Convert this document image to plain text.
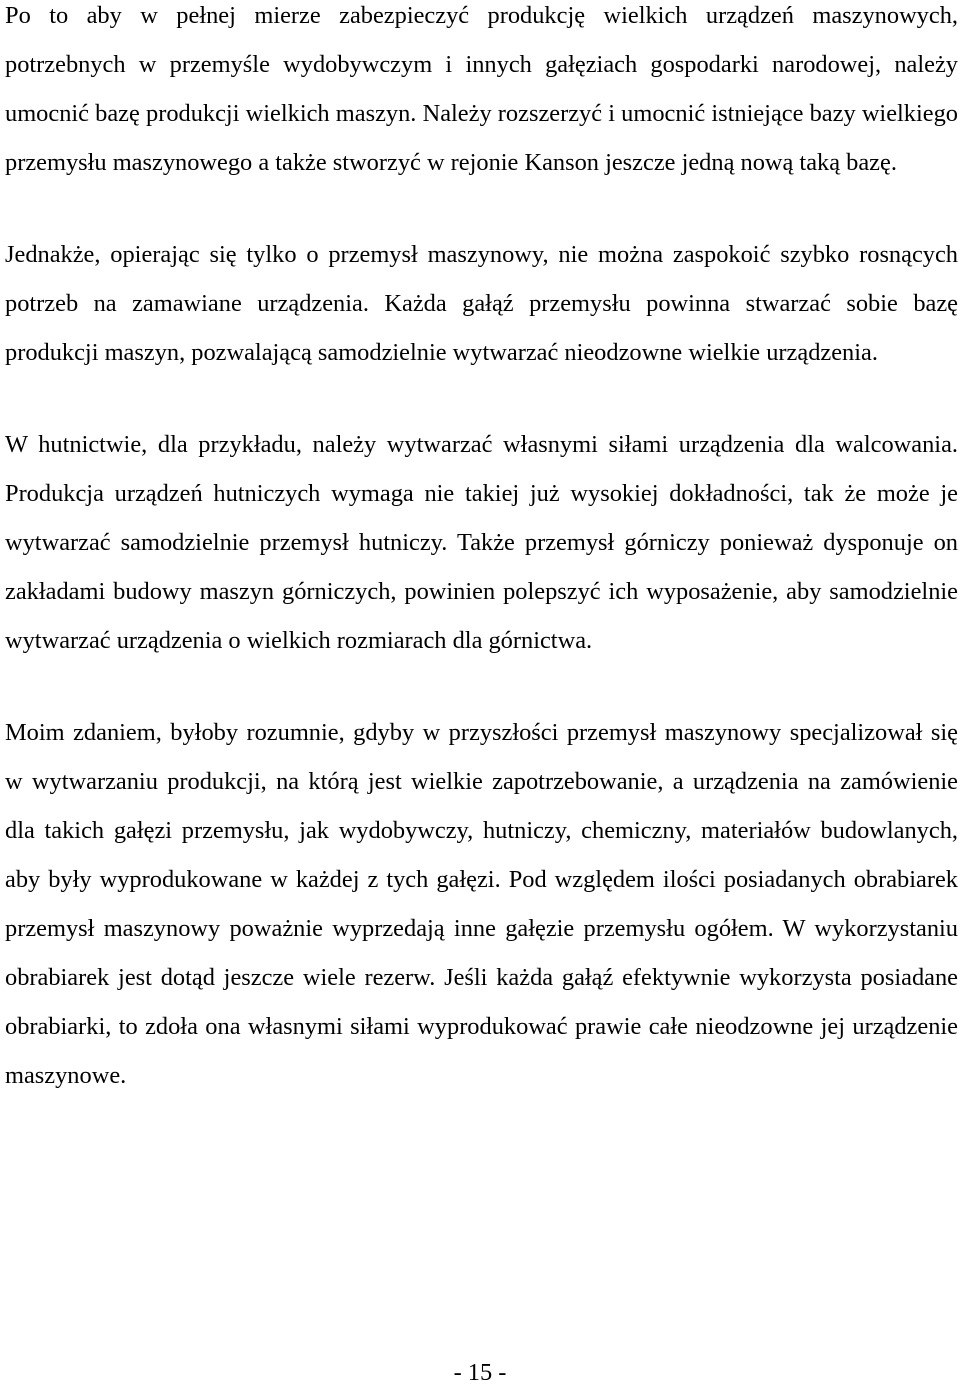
Po to aby w pełnej mierze zabezpieczyć produkcję wielkich urządzeń maszynowych, potrzebnych w przemyśle wydobywczym i innych gałęziach gospodarki narodowej, należy umocnić bazę produkcji wielkich maszyn. Należy rozszerzyć i umocnić istniejące bazy wielkiego przemysłu maszynowego a także stworzyć w rejonie Kanson jeszcze jedną nową taką bazę.

Jednakże, opierając się tylko o przemysł maszynowy, nie można zaspokoić szybko rosnących potrzeb na zamawiane urządzenia. Każda gałąź przemysłu powinna stwarzać sobie bazę produkcji maszyn, pozwalającą samodzielnie wytwarzać nieodzowne wielkie urządzenia.

W hutnictwie, dla przykładu, należy wytwarzać własnymi siłami urządzenia dla walcowania. Produkcja urządzeń hutniczych wymaga nie takiej już wysokiej dokładności, tak że może je wytwarzać samodzielnie przemysł hutniczy. Także przemysł górniczy ponieważ dysponuje on zakładami budowy maszyn górniczych, powinien polepszyć ich wyposażenie, aby samodzielnie wytwarzać urządzenia o wielkich rozmiarach dla górnictwa.

Moim zdaniem, byłoby rozumnie, gdyby w przyszłości przemysł maszynowy specjalizował się w wytwarzaniu produkcji, na którą jest wielkie zapotrzebowanie, a urządzenia na zamówienie dla takich gałęzi przemysłu, jak wydobywczy, hutniczy, chemiczny, materiałów budowlanych, aby były wyprodukowane w każdej z tych gałęzi. Pod względem ilości posiadanych obrabiarek przemysł maszynowy poważnie wyprzedają inne gałęzie przemysłu ogółem. W wykorzystaniu obrabiarek jest dotąd jeszcze wiele rezerw. Jeśli każda gałąź efektywnie wykorzysta posiadane obrabiarki, to zdoła ona własnymi siłami wyprodukować prawie całe nieodzowne jej urządzenie maszynowe.

- 15 -
